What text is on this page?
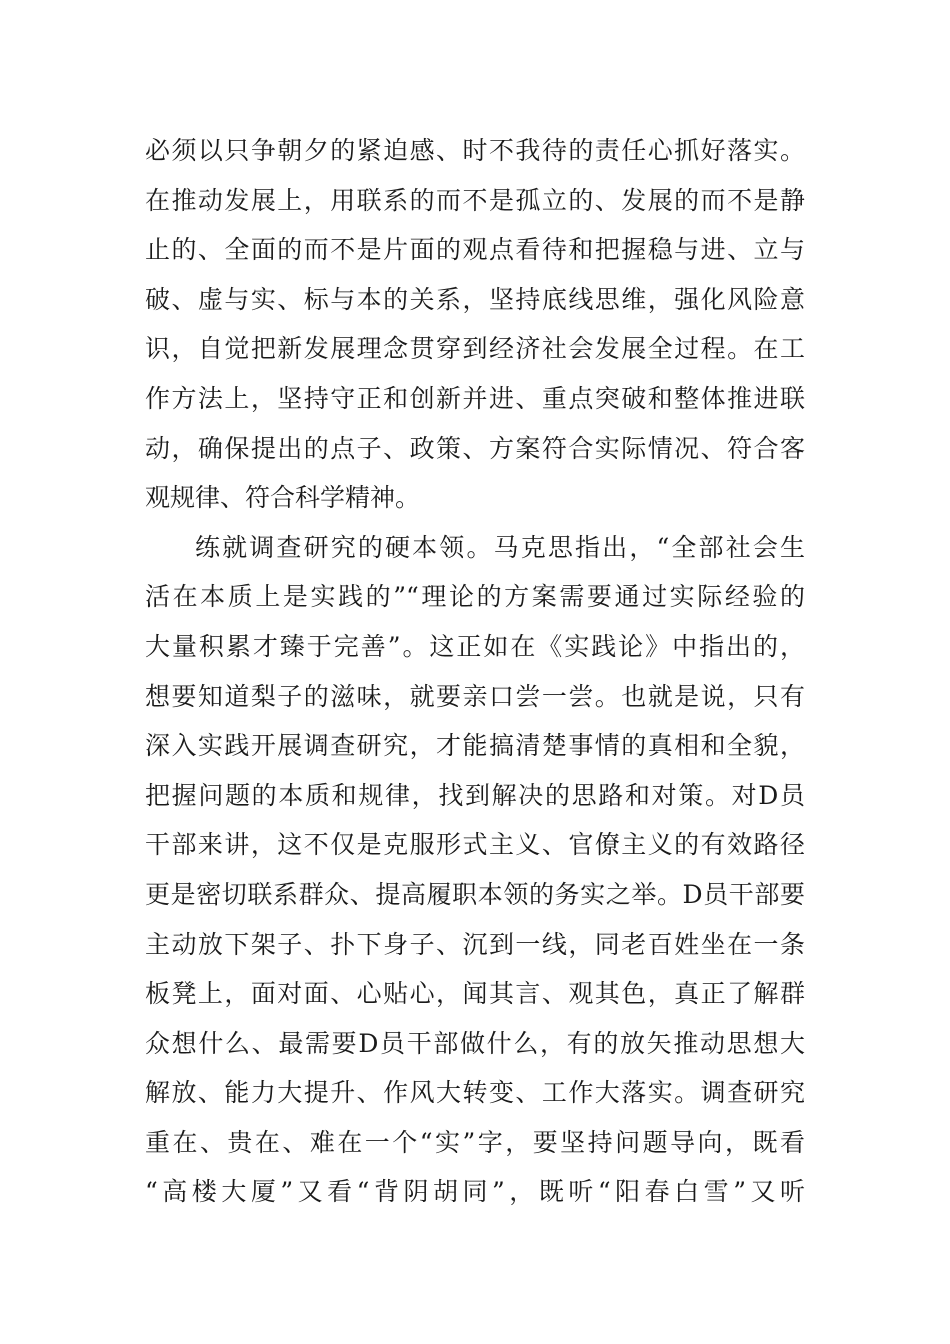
必须以只争朝夕的紧迫感、时不我待的责任心抓好落实。
在推动发展上，用联系的而不是孤立的、发展的而不是静
止的、全面的而不是片面的观点看待和把握稳与进、立与
破、虚与实、标与本的关系，坚持底线思维，强化风险意
识，自觉把新发展理念贯穿到经济社会发展全过程。在工
作方法上，坚持守正和创新并进、重点突破和整体推进联
动，确保提出的点子、政策、方案符合实际情况、符合客
观规律、符合科学精神。
练就调查研究的硬本领。马克思指出，“全部社会生
活在本质上是实践的”“理论的方案需要通过实际经验的
大量积累才臻于完善”。这正如在《实践论》中指出的，
想要知道梨子的滋味，就要亲口尝一尝。也就是说，只有
深入实践开展调查研究，才能搞清楚事情的真相和全貌，
把握问题的本质和规律，找到解决的思路和对策。对D员
干部来讲，这不仅是克服形式主义、官僚主义的有效路径
更是密切联系群众、提高履职本领的务实之举。D员干部要
主动放下架子、扑下身子、沉到一线，同老百姓坐在一条
板凳上，面对面、心贴心，闻其言、观其色，真正了解群
众想什么、最需要D员干部做什么，有的放矢推动思想大
解放、能力大提升、作风大转变、工作大落实。调查研究
重在、贵在、难在一个“实”字，要坚持问题导向，既看
“高楼大厦”又看“背阴胡同”，既听“阳春白雪”又听
